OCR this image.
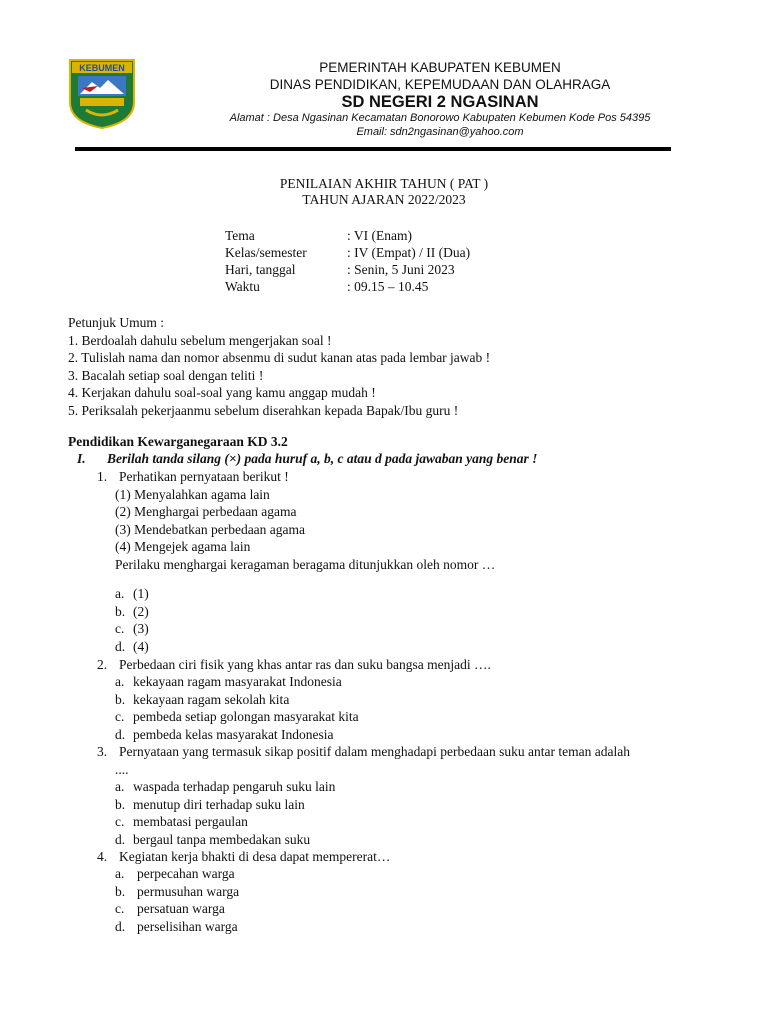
KEBUMEN	PEMERINTAH KABUPATEN KEBUMEN
DINAS PENDIDIKAN, KEPEMUDAAN DAN OLAHRAGA
SD NEGERI 2 NGASINAN
Alamat : Desa Ngasinan Kecamatan Bonorowo Kabupaten Kebumen Kode Pos 54395
Email: sdn2ngasinan@yahoo.com
PENILAIAN AKHIR TAHUN ( PAT )
TAHUN AJARAN 2022/2023
Tema	: VI (Enam)
Kelas/semester	: IV (Empat) / II (Dua)
Hari, tanggal	: Senin, 5 Juni 2023
Waktu	: 09.15 – 10.45
Petunjuk Umum :
1. Berdoalah dahulu sebelum mengerjakan soal !
2. Tulislah nama dan nomor absenmu di sudut kanan atas pada lembar jawab !
3. Bacalah setiap soal dengan teliti !
4. Kerjakan dahulu soal-soal yang kamu anggap mudah !
5. Periksalah pekerjaanmu sebelum diserahkan kepada Bapak/Ibu guru !
Pendidikan Kewarganegaraan KD 3.2
I. Berilah tanda silang (×) pada huruf a, b, c atau d pada jawaban yang benar !
1. Perhatikan pernyataan berikut !
(1) Menyalahkan agama lain
(2) Menghargai perbedaan agama
(3) Mendebatkan perbedaan agama
(4) Mengejek agama lain
Perilaku menghargai keragaman beragama ditunjukkan oleh nomor …
a. (1)
b. (2)
c. (3)
d. (4)
2. Perbedaan ciri fisik yang khas antar ras dan suku bangsa menjadi ….
a. kekayaan ragam masyarakat Indonesia
b. kekayaan ragam sekolah kita
c. pembeda setiap golongan masyarakat kita
d. pembeda kelas masyarakat Indonesia
3. Pernyataan yang termasuk sikap positif dalam menghadapi perbedaan suku antar teman adalah
....
a. waspada terhadap pengaruh suku lain
b. menutup diri terhadap suku lain
c. membatasi pergaulan
d. bergaul tanpa membedakan suku
4. Kegiatan kerja bhakti di desa dapat mempererat…
a. perpecahan warga
b. permusuhan warga
c. persatuan warga
d. perselisihan warga
